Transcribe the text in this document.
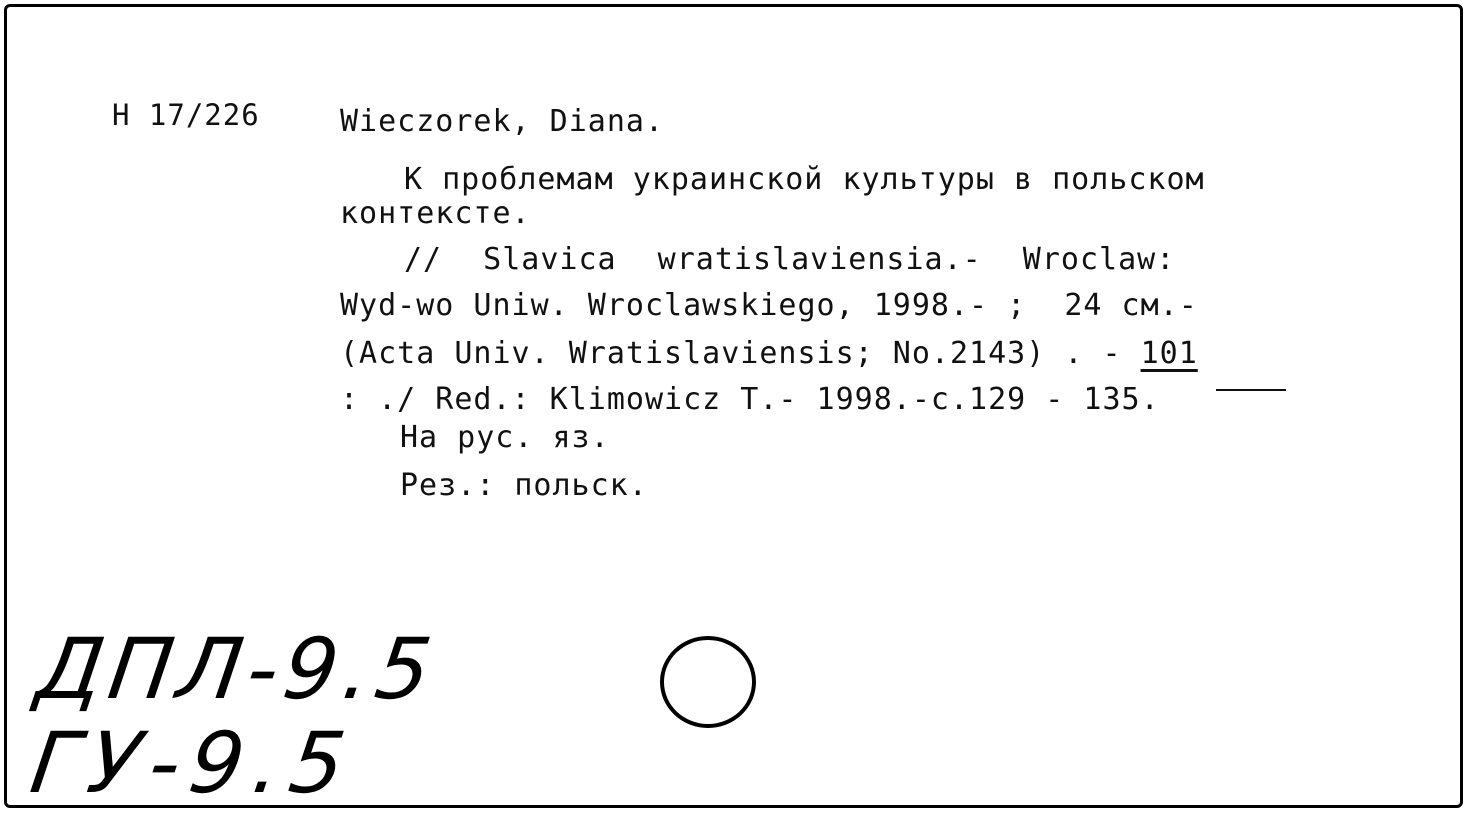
Н 17/226	Wieczorek, Diana.
К проблемам украинской культуры в польском
контексте.
// Slavica wratislaviensia.- Wroclaw:
Wyd-wo Uniw. Wroclawskiego, 1998.- ;  24 см.-
(Acta Univ. Wratislaviensis; No.2143) . - 101
: ./ Red.: Klimowicz T.- 1998.-с.129 - 135.
На рус. яз.
Рез.: польск.
ДПЛ-9.5
ГУ-9.5
